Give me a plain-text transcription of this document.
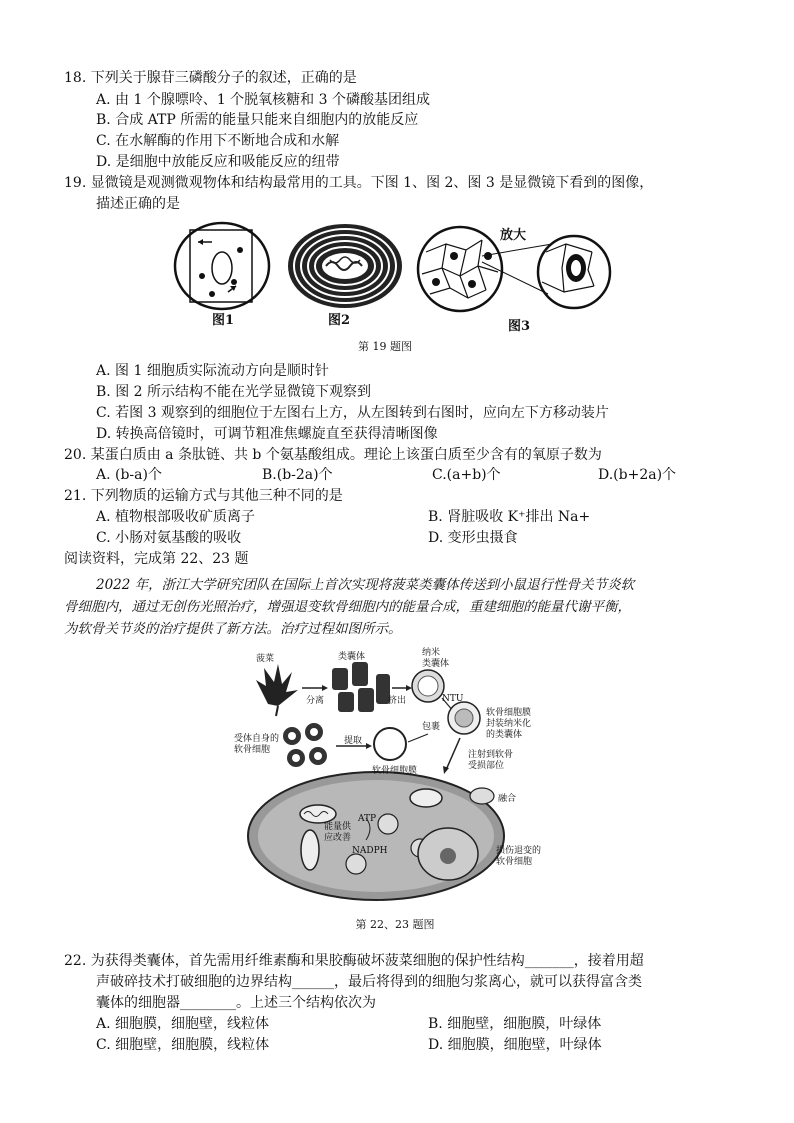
18. 下列关于腺苷三磷酸分子的叙述，正确的是
A. 由 1 个腺嘌呤、1 个脱氧核糖和 3 个磷酸基团组成
B. 合成 ATP 所需的能量只能来自细胞内的放能反应
C. 在水解酶的作用下不断地合成和水解
D. 是细胞中放能反应和吸能反应的纽带
19. 显微镜是观测微观物体和结构最常用的工具。下图 1、图 2、图 3 是显微镜下看到的图像，
描述正确的是
图1	图2
放大
图3
第 19 题图
A. 图 1 细胞质实际流动方向是顺时针
B. 图 2 所示结构不能在光学显微镜下观察到
C. 若图 3 观察到的细胞位于左图右上方，从左图转到右图时，应向左下方移动装片
D. 转换高倍镜时，可调节粗准焦螺旋直至获得清晰图像
20. 某蛋白质由 a 条肽链、共 b 个氨基酸组成。理论上该蛋白质至少含有的氧原子数为
A. (b-a)个	B.(b-2a)个	C.(a+b)个	D.(b+2a)个
21. 下列物质的运输方式与其他三种不同的是
A. 植物根部吸收矿质离子	B. 肾脏吸收 K⁺排出 Na+
C. 小肠对氨基酸的吸收	D. 变形虫摄食
阅读资料，完成第 22、23 题
2022 年，浙江大学研究团队在国际上首次实现将菠菜类囊体传送到小鼠退行性骨关节炎软
骨细胞内，通过无创伤光照治疗，增强退变软骨细胞内的能量合成，重建细胞的能量代谢平衡，
为软骨关节炎的治疗提供了新方法。治疗过程如图所示。
菠菜	类囊体
分离	挤出
纳米
类囊体
NTU
包裹
软骨细胞膜
封装纳米化
的类囊体
受体自身的
软骨细胞
提取
软骨细胞膜
注射到软骨
受损部位
融合
ATP
NADPH
能量供
应改善
损伤退变的
软骨细胞
第 22、23 题图
22. 为获得类囊体，首先需用纤维素酶和果胶酶破坏菠菜细胞的保护性结构_______，接着用超
声破碎技术打破细胞的边界结构______，最后将得到的细胞匀浆离心，就可以获得富含类
囊体的细胞器________。上述三个结构依次为
A. 细胞膜，细胞壁，线粒体	B. 细胞壁，细胞膜，叶绿体
C. 细胞壁，细胞膜，线粒体	D. 细胞膜，细胞壁，叶绿体
